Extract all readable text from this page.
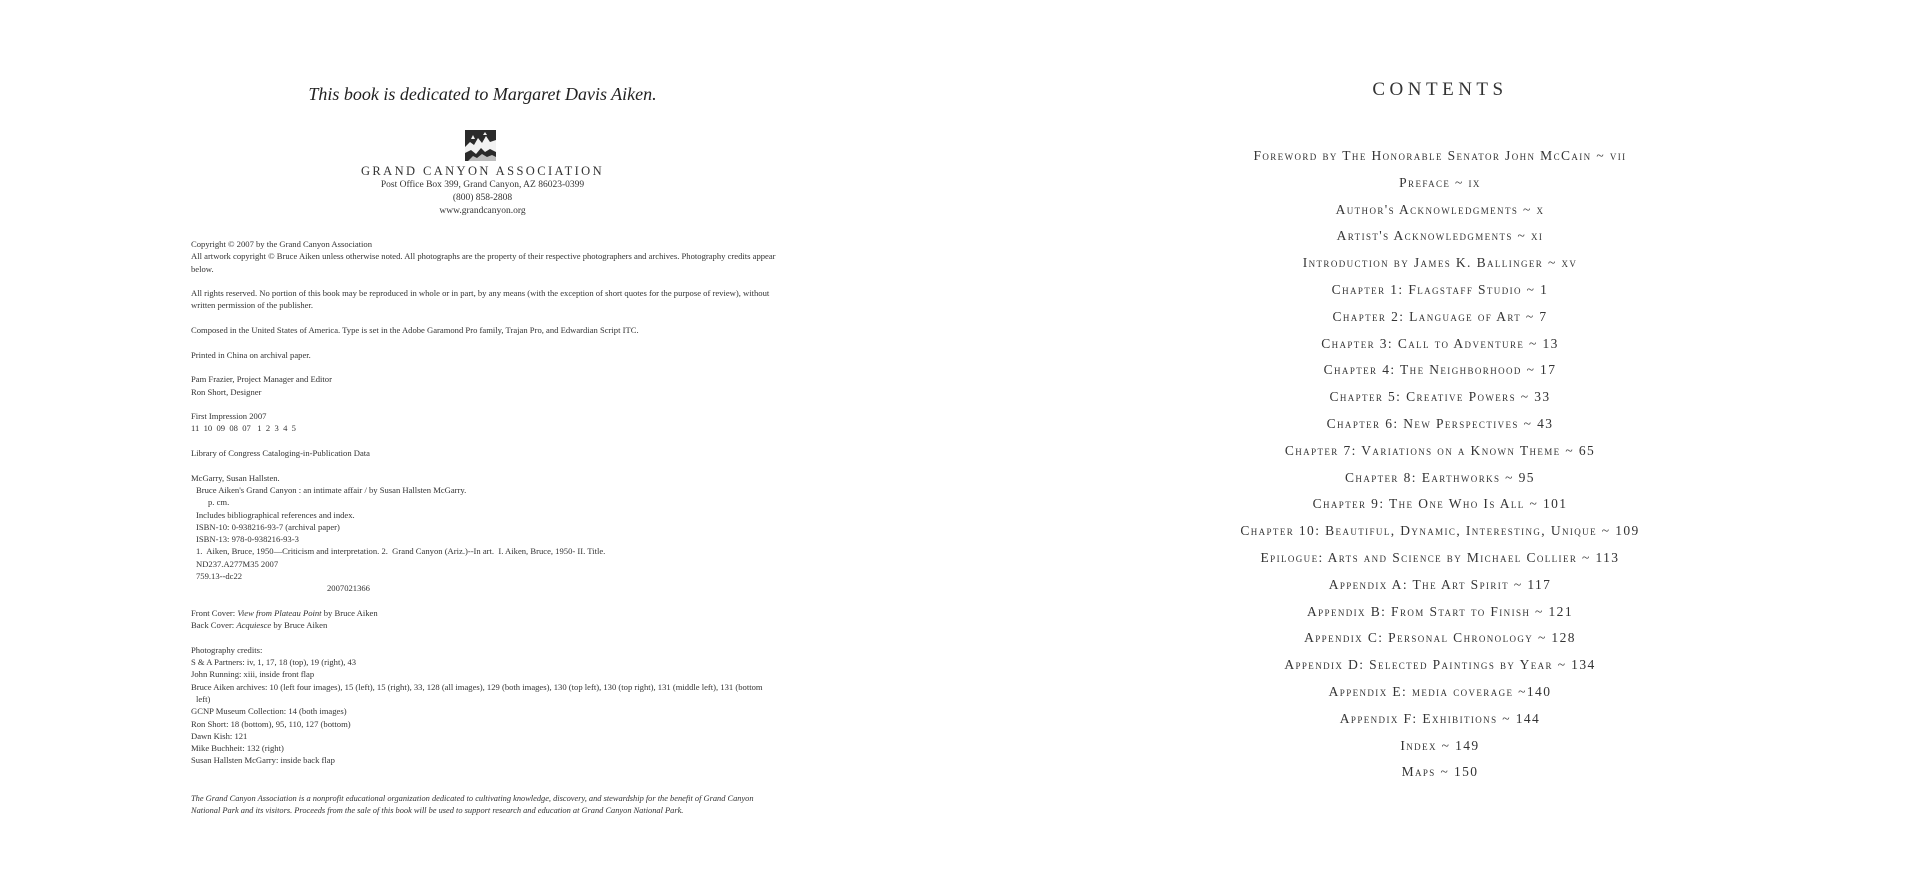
This book is dedicated to Margaret Davis Aiken.
GRAND CANYON ASSOCIATION
Post Office Box 399, Grand Canyon, AZ 86023-0399
(800) 858-2808
www.grandcanyon.org

Copyright © 2007 by the Grand Canyon Association
All artwork copyright © Bruce Aiken unless otherwise noted. All photographs are the property of their respective photographers and archives. Photography credits appear below.

All rights reserved. No portion of this book may be reproduced in whole or in part, by any means (with the exception of short quotes for the purpose of review), without written permission of the publisher.

Composed in the United States of America. Type is set in the Adobe Garamond Pro family, Trajan Pro, and Edwardian Script ITC.

Printed in China on archival paper.

Pam Frazier, Project Manager and Editor
Ron Short, Designer

First Impression 2007
11  10  09  08  07   1  2  3  4  5

Library of Congress Cataloging-in-Publication Data

McGarry, Susan Hallsten.
Bruce Aiken's Grand Canyon : an intimate affair / by Susan Hallsten McGarry.
p. cm.
Includes bibliographical references and index.
ISBN-10: 0-938216-93-7 (archival paper)
ISBN-13: 978-0-938216-93-3
1.  Aiken, Bruce, 1950—Criticism and interpretation. 2.  Grand Canyon (Ariz.)--In art.  I. Aiken, Bruce, 1950- II. Title.
ND237.A277M35 2007
759.13--dc22
2007021366

Front Cover: View from Plateau Point by Bruce Aiken
Back Cover: Acquiesce by Bruce Aiken

Photography credits:
S & A Partners: iv, 1, 17, 18 (top), 19 (right), 43
John Running: xiii, inside front flap
Bruce Aiken archives: 10 (left four images), 15 (left), 15 (right), 33, 128 (all images), 129 (both images), 130 (top left), 130 (top right), 131 (middle left), 131 (bottom left)
GCNP Museum Collection: 14 (both images)
Ron Short: 18 (bottom), 95, 110, 127 (bottom)
Dawn Kish: 121
Mike Buchheit: 132 (right)
Susan Hallsten McGarry: inside back flap

The Grand Canyon Association is a nonprofit educational organization dedicated to cultivating knowledge, discovery, and stewardship for the benefit of Grand Canyon National Park and its visitors. Proceeds from the sale of this book will be used to support research and education at Grand Canyon National Park.
CONTENTS
Foreword by The Honorable Senator John McCain ~ vii
Preface ~ ix
Author's Acknowledgments ~ x
Artist's Acknowledgments ~ xi
Introduction by James K. Ballinger ~ xv
Chapter 1: Flagstaff Studio ~ 1
Chapter 2: Language of Art ~ 7
Chapter 3: Call to Adventure ~ 13
Chapter 4: The Neighborhood ~ 17
Chapter 5: Creative Powers ~ 33
Chapter 6: New Perspectives ~ 43
Chapter 7: Variations on a Known Theme ~ 65
Chapter 8: Earthworks ~ 95
Chapter 9: The One Who Is All ~ 101
Chapter 10: Beautiful, Dynamic, Interesting, Unique ~ 109
Epilogue: Arts and Science by Michael Collier ~ 113
Appendix A: The Art Spirit ~ 117
Appendix B: From Start to Finish ~ 121
Appendix C: Personal Chronology ~ 128
Appendix D: Selected Paintings by Year ~ 134
Appendix E: media coverage ~140
Appendix F: Exhibitions ~ 144
Index ~ 149
Maps ~ 150
